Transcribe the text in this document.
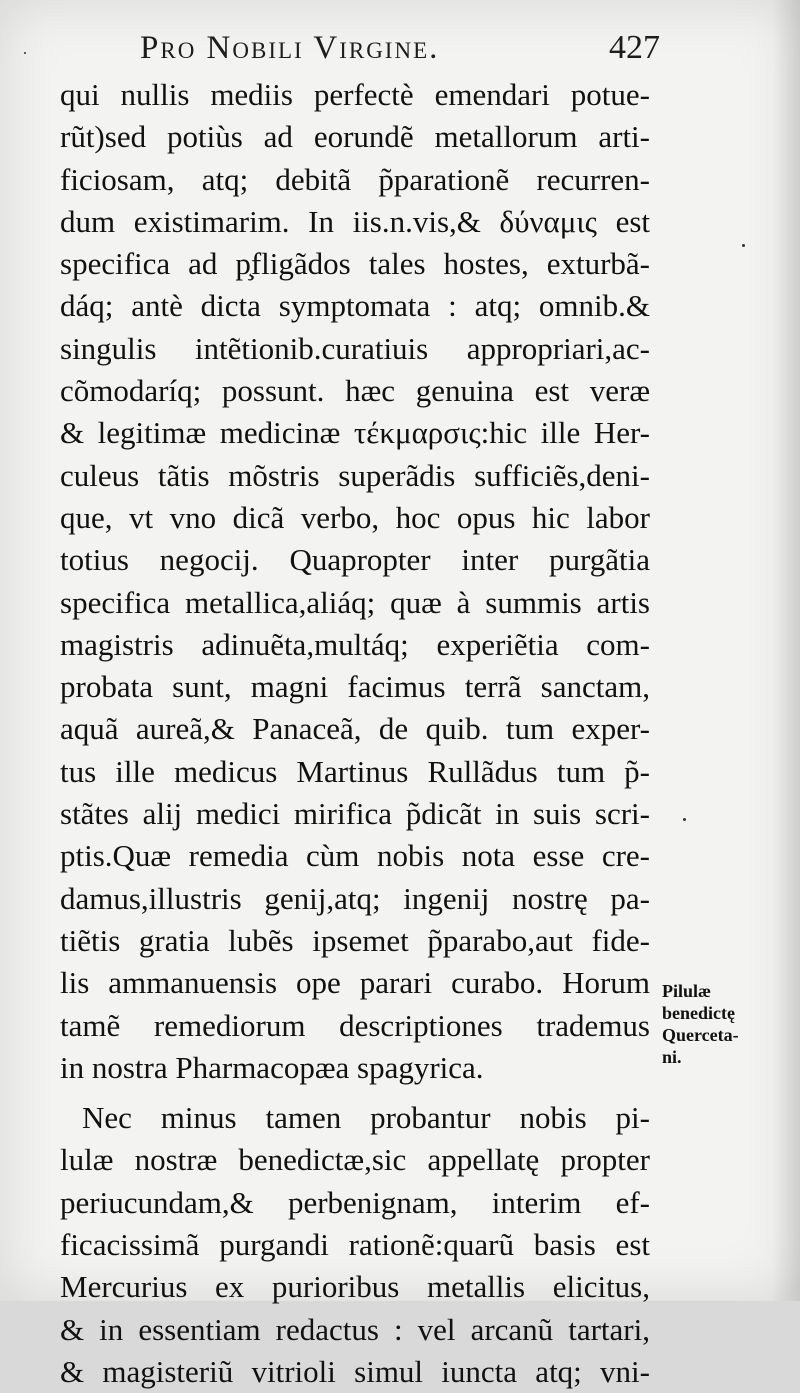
Pro Nobili Virgine.	427
qui nullis mediis perfectè emendari potue-
rũt)sed potiùs ad eorundẽ metallorum arti-
ficiosam, atq; debitã p̃parationẽ recurren-
dum existimarim. In iis.n.vis,& δύναμις est
specifica ad p̧fligãdos tales hostes, exturbã-
dáq; antè dicta symptomata : atq; omnib.&
singulis intẽtionib.curatiuis appropriari,ac-
cõmodaríq; possunt. hæc genuina est veræ
& legitimæ medicinæ τέκμαρσις:hic ille Her-
culeus tãtis mõstris superãdis sufficiẽs,deni-
que, vt vno dicã verbo, hoc opus hic labor
totius negocij. Quapropter inter purgãtia
specifica metallica,aliáq; quæ à summis artis
magistris adinuẽta,multáq; experiẽtia com-
probata sunt, magni facimus terrã sanctam,
aquã aureã,& Panaceã, de quib. tum exper-
tus ille medicus Martinus Rullãdus tum p̃-
stãtes alij medici mirifica p̃dicãt in suis scri-
ptis.Quæ remedia cùm nobis nota esse cre-
damus,illustris genij,atq; ingenij nostrę pa-
tiẽtis gratia lubẽs ipsemet p̃parabo,aut fide-
lis ammanuensis ope parari curabo. Horum
tamẽ remediorum descriptiones trademus
in nostra Pharmacopæa spagyrica.
Nec minus tamen probantur nobis pi-
lulæ nostræ benedictæ,sic appellatę propter
periucundam,& perbenignam, interim ef-
ficacissimã purgandi rationẽ:quarũ basis est
Mercurius ex purioribus metallis elicitus,
& in essentiam redactus : vel arcanũ tartari,
& magisteriũ vitrioli simul iuncta atq; vni-
Pilulæ
benedictę
Querceta-
ni.
